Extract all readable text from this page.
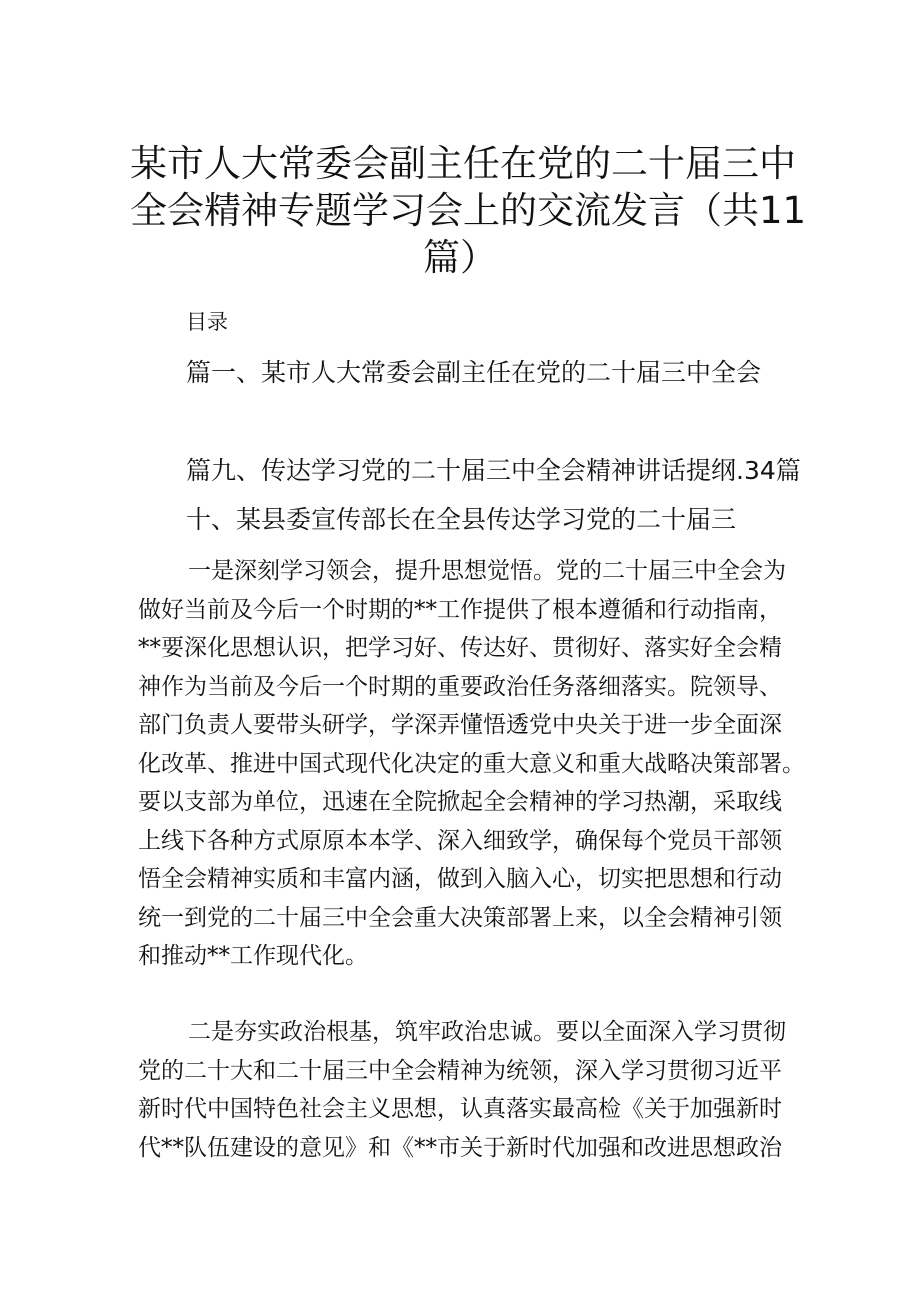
某市人大常委会副主任在党的二十届三中
全会精神专题学习会上的交流发言（共11
篇）
目录
篇一、某市人大常委会副主任在党的二十届三中全会
篇九、传达学习党的二十届三中全会精神讲话提纲.34篇
十、某县委宣传部长在全县传达学习党的二十届三
一是深刻学习领会，提升思想觉悟。党的二十届三中全会为
做好当前及今后一个时期的**工作提供了根本遵循和行动指南，
**要深化思想认识，把学习好、传达好、贯彻好、落实好全会精
神作为当前及今后一个时期的重要政治任务落细落实。院领导、
部门负责人要带头研学，学深弄懂悟透党中央关于进一步全面深
化改革、推进中国式现代化决定的重大意义和重大战略决策部署。
要以支部为单位，迅速在全院掀起全会精神的学习热潮，采取线
上线下各种方式原原本本学、深入细致学，确保每个党员干部领
悟全会精神实质和丰富内涵，做到入脑入心，切实把思想和行动
统一到党的二十届三中全会重大决策部署上来，以全会精神引领
和推动**工作现代化。
二是夯实政治根基，筑牢政治忠诚。要以全面深入学习贯彻
党的二十大和二十届三中全会精神为统领，深入学习贯彻习近平
新时代中国特色社会主义思想，认真落实最高检《关于加强新时
代**队伍建设的意见》和《**市关于新时代加强和改进思想政治
